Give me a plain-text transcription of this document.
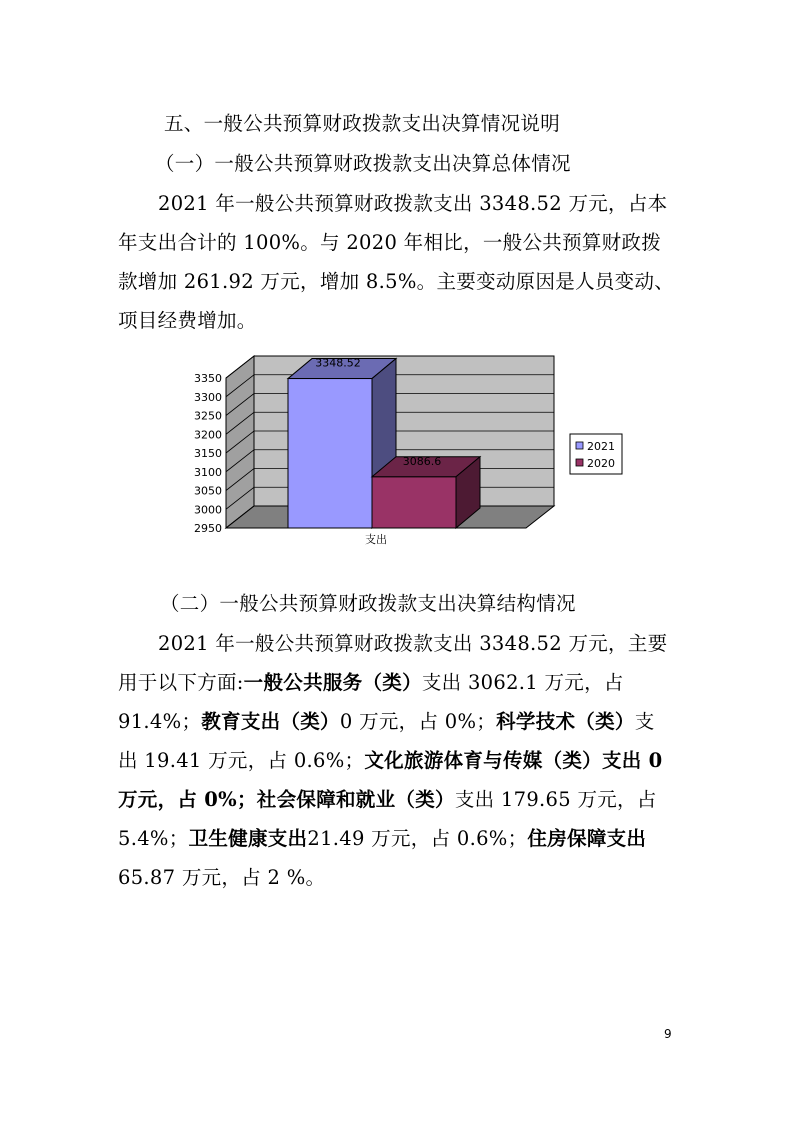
五、一般公共预算财政拨款支出决算情况说明
（一）一般公共预算财政拨款支出决算总体情况
2021 年一般公共预算财政拨款支出 3348.52 万元，占本
年支出合计的 100%。与 2020 年相比，一般公共预算财政拨
款增加 261.92 万元，增加 8.5%。主要变动原因是人员变动、
项目经费增加。
3350
3300
3250
3200
3150
3100
3050
3000
2950
3348.52
3086.6
支出
2021
2020
（二）一般公共预算财政拨款支出决算结构情况
2021 年一般公共预算财政拨款支出 3348.52 万元，主要
用于以下方面:一般公共服务（类）支出 3062.1 万元，占
91.4%；教育支出（类）0 万元，占 0%；科学技术（类）支
出 19.41 万元，占 0.6%；文化旅游体育与传媒（类）支出 0
万元，占 0%；社会保障和就业（类）支出 179.65 万元，占
5.4%；卫生健康支出21.49 万元，占 0.6%；住房保障支出
65.87 万元，占 2 %。
9
